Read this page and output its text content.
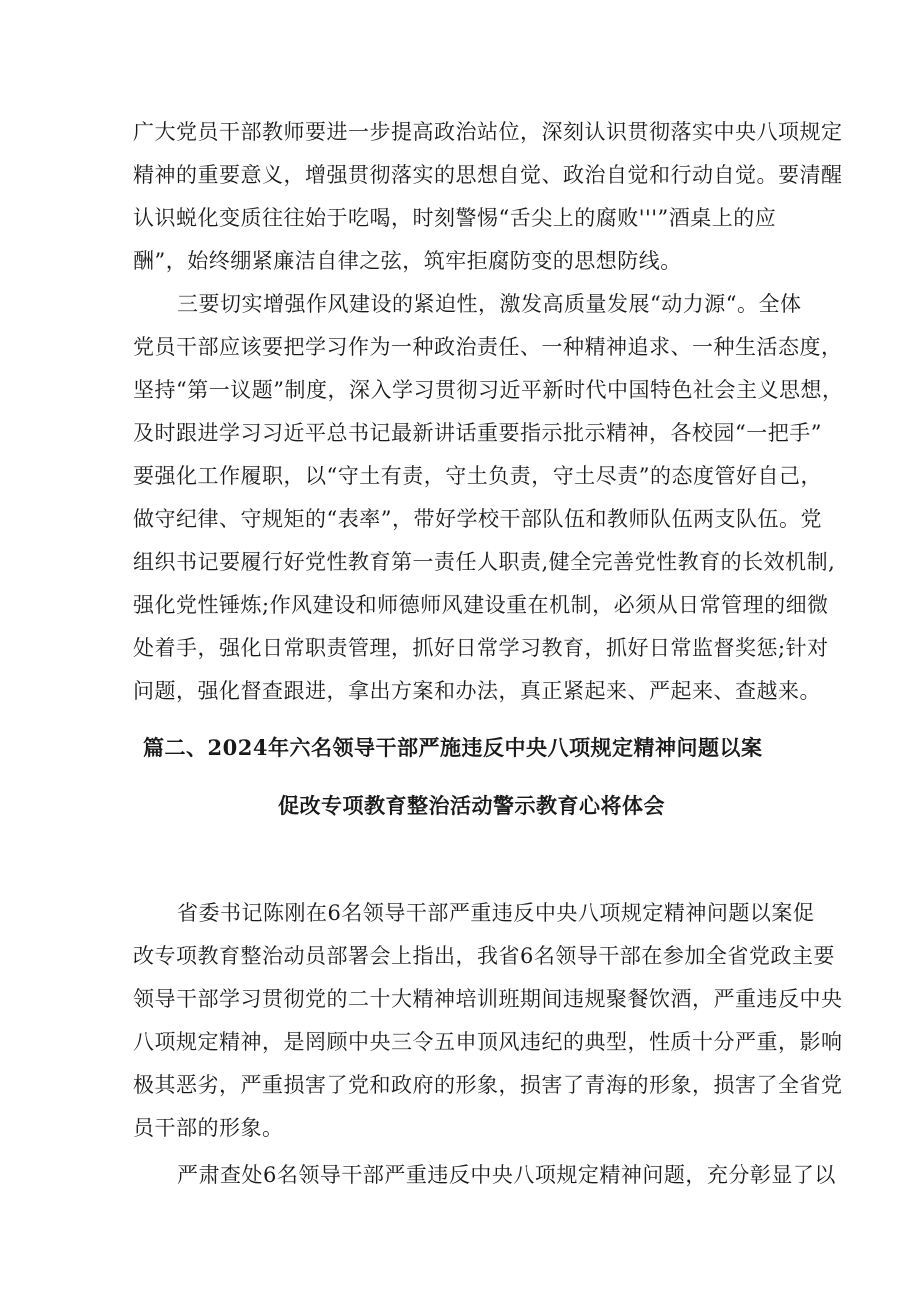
广大党员干部教师要进一步提高政治站位，深刻认识贯彻落实中央八项规定
精神的重要意义，增强贯彻落实的思想自觉、政治自觉和行动自觉。要清醒
认识蜕化变质往往始于吃喝，时刻警惕“舌尖上的腐败'''”酒桌上的应
酬”，始终绷紧廉洁自律之弦，筑牢拒腐防变的思想防线。
三要切实增强作风建设的紧迫性，激发高质量发展“动力源“。全体
党员干部应该要把学习作为一种政治责任、一种精神追求、一种生活态度，
坚持“第一议题”制度，深入学习贯彻习近平新时代中国特色社会主义思想，
及时跟进学习习近平总书记最新讲话重要指示批示精神，各校园“一把手”
要强化工作履职，以“守土有责，守土负责，守土尽责”的态度管好自己，
做守纪律、守规矩的“表率”，带好学校干部队伍和教师队伍两支队伍。党
组织书记要履行好党性教育第一责任人职责,健全完善党性教育的长效机制,
强化党性锤炼;作风建设和师德师风建设重在机制，必须从日常管理的细微
处着手，强化日常职责管理，抓好日常学习教育，抓好日常监督奖惩;针对
问题，强化督查跟进，拿出方案和办法，真正紧起来、严起来、查越来。
篇二、2024年六名领导干部严施违反中央八项规定精神问题以案
促改专项教育整治活动警示教育心将体会
省委书记陈刚在6名领导干部严重违反中央八项规定精神问题以案促
改专项教育整治动员部署会上指出，我省6名领导干部在参加全省党政主要
领导干部学习贯彻党的二十大精神培训班期间违规聚餐饮酒，严重违反中央
八项规定精神，是罔顾中央三令五申顶风违纪的典型，性质十分严重，影响
极其恶劣，严重损害了党和政府的形象，损害了青海的形象，损害了全省党
员干部的形象。
严肃查处6名领导干部严重违反中央八项规定精神问题，充分彰显了以
